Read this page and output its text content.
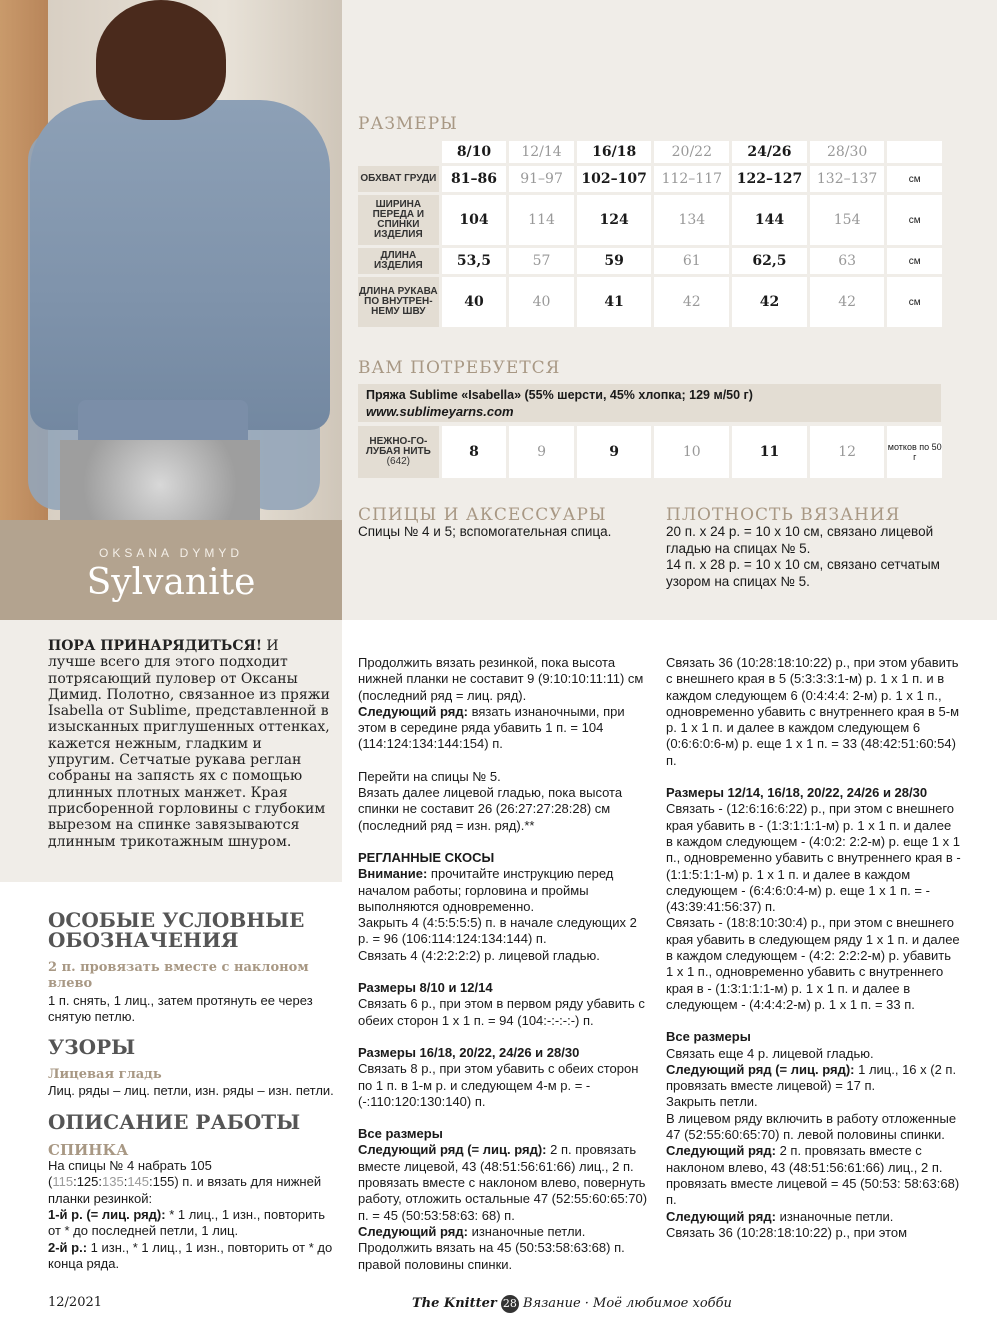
OKSANA DYMYD
Sylvanite
РАЗМЕРЫ
	8/10	12/14	16/18	20/22	24/26	28/30	
ОБХВАТ ГРУДИ	81–86	91–97	102–107	112–117	122–127	132–137	см
ШИРИНА ПЕРЕДА И СПИНКИ ИЗДЕЛИЯ	104	114	124	134	144	154	см
ДЛИНА ИЗДЕЛИЯ	53,5	57	59	61	62,5	63	см
ДЛИНА РУКАВА ПО ВНУТРЕН-НЕМУ ШВУ	40	40	41	42	42	42	см
ВАМ ПОТРЕБУЕТСЯ
Пряжа Sublime «Isabella» (55% шерсти, 45% хлопка; 129 м/50 г)
www.sublimeyarns.com
НЕЖНО-ГО-ЛУБАЯ НИТЬ
(642)	8	9	9	10	11	12	мотков по 50 г
СПИЦЫ И АКСЕССУАРЫ
Спицы № 4 и 5; вспомогательная спица.
ПЛОТНОСТЬ ВЯЗАНИЯ
20 п. х 24 р. = 10 х 10 см, связано лицевой гладью на спицах № 5.
14 п. х 28 р. = 10 х 10 см, связано сетчатым узором на спицах № 5.
ПОРА ПРИНАРЯДИТЬСЯ! И лучше всего для этого подходит потрясающий пуловер от Оксаны Димид. Полотно, связанное из пряжи Isabella от Sublime, представленной в изысканных приглушенных оттенках, кажется нежным, гладким и упругим. Сетчатые рукава реглан собраны на запясть ях с помощью длинных плотных манжет. Края присборенной горловины с глубоким вырезом на спинке завязываются длинным трикотажным шнуром.
ОСОБЫЕ УСЛОВНЫЕ ОБОЗНАЧЕНИЯ
2 п. провязать вместе с наклоном влево

1 п. снять, 1 лиц., затем протянуть ее через снятую петлю.

УЗОРЫ
Лицевая гладь

Лиц. ряды – лиц. петли, изн. ряды – изн. петли.

ОПИСАНИЕ РАБОТЫ
СПИНКА

На спицы № 4 набрать 105 (115:125:135:145:155) п. и вязать для нижней планки резинкой:

1-й р. (= лиц. ряд): * 1 лиц., 1 изн., повторить от * до последней петли, 1 лиц.

2-й р.: 1 изн., * 1 лиц., 1 изн., повторить от * до конца ряда.

Продолжить вязать резинкой, пока высота нижней планки не составит 9 (9:10:10:11:11) см (последний ряд = лиц. ряд).

Следующий ряд: вязать изнаночными, при этом в середине ряда убавить 1 п. = 104 (114:124:134:144:154) п.

Перейти на спицы № 5.

Вязать далее лицевой гладью, пока высота спинки не составит 26 (26:27:27:28:28) см (последний ряд = изн. ряд).**

РЕГЛАННЫЕ СКОСЫ

Внимание: прочитайте инструкцию перед началом работы; горловина и проймы выполняются одновременно.

Закрыть 4 (4:5:5:5:5) п. в начале следующих 2 р. = 96 (106:114:124:134:144) п.

Связать 4 (4:2:2:2:2) р. лицевой гладью.

Размеры 8/10 и 12/14

Связать 6 р., при этом в первом ряду убавить с обеих сторон 1 х 1 п. = 94 (104:-:-:-:-) п.

Размеры 16/18, 20/22, 24/26 и 28/30

Связать 8 р., при этом убавить с обеих сторон по 1 п. в 1-м р. и следующем 4-м р. = - (-:110:120:130:140) п.

Все размеры

Следующий ряд (= лиц. ряд): 2 п. провязать вместе лицевой, 43 (48:51:56:61:66) лиц., 2 п. провязать вместе с наклоном влево, повернуть работу, отложить остальные 47 (52:55:60:65:70) п. = 45 (50:53:58:63: 68) п.

Следующий ряд: изнаночные петли.

Продолжить вязать на 45 (50:53:58:63:68) п. правой половины спинки.

Связать 36 (10:28:18:10:22) р., при этом убавить с внешнего края в 5 (5:3:3:3:1-м) р. 1 х 1 п. и в каждом следующем 6 (0:4:4:4: 2-м) р. 1 х 1 п., одновременно убавить с внутреннего края в 5-м р. 1 х 1 п. и далее в каждом следующем 6 (0:6:6:0:6-м) р. еще 1 х 1 п. = 33 (48:42:51:60:54) п.

Размеры 12/14, 16/18, 20/22, 24/26 и 28/30

Связать - (12:6:16:6:22) р., при этом с внешнего края убавить в - (1:3:1:1:1-м) р. 1 х 1 п. и далее в каждом следующем - (4:0:2: 2:2-м) р. еще 1 х 1 п., одновременно убавить с внутреннего края в - (1:1:5:1:1-м) р. 1 х 1 п. и далее в каждом следующем - (6:4:6:0:4-м) р. еще 1 х 1 п. = - (43:39:41:56:37) п.

Связать - (18:8:10:30:4) р., при этом с внешнего края убавить в следующем ряду 1 х 1 п. и далее в каждом следующем - (4:2: 2:2:2-м) р. убавить 1 х 1 п., одновременно убавить с внутреннего края в - (1:3:1:1:1-м) р. 1 х 1 п. и далее в следующем - (4:4:4:2-м) р. 1 х 1 п. = 33 п.

Все размеры

Связать еще 4 р. лицевой гладью.

Следующий ряд (= лиц. ряд): 1 лиц., 16 х (2 п. провязать вместе лицевой) = 17 п.

Закрыть петли.

В лицевом ряду включить в работу отложенные 47 (52:55:60:65:70) п. левой половины спинки.

Следующий ряд: 2 п. провязать вместе с наклоном влево, 43 (48:51:56:61:66) лиц., 2 п. провязать вместе лицевой = 45 (50:53: 58:63:68) п.

Следующий ряд: изнаночные петли.

Связать 36 (10:28:18:10:22) р., при этом

12/2021	The Knitter 28 Вязание · Моё любимое хобби
